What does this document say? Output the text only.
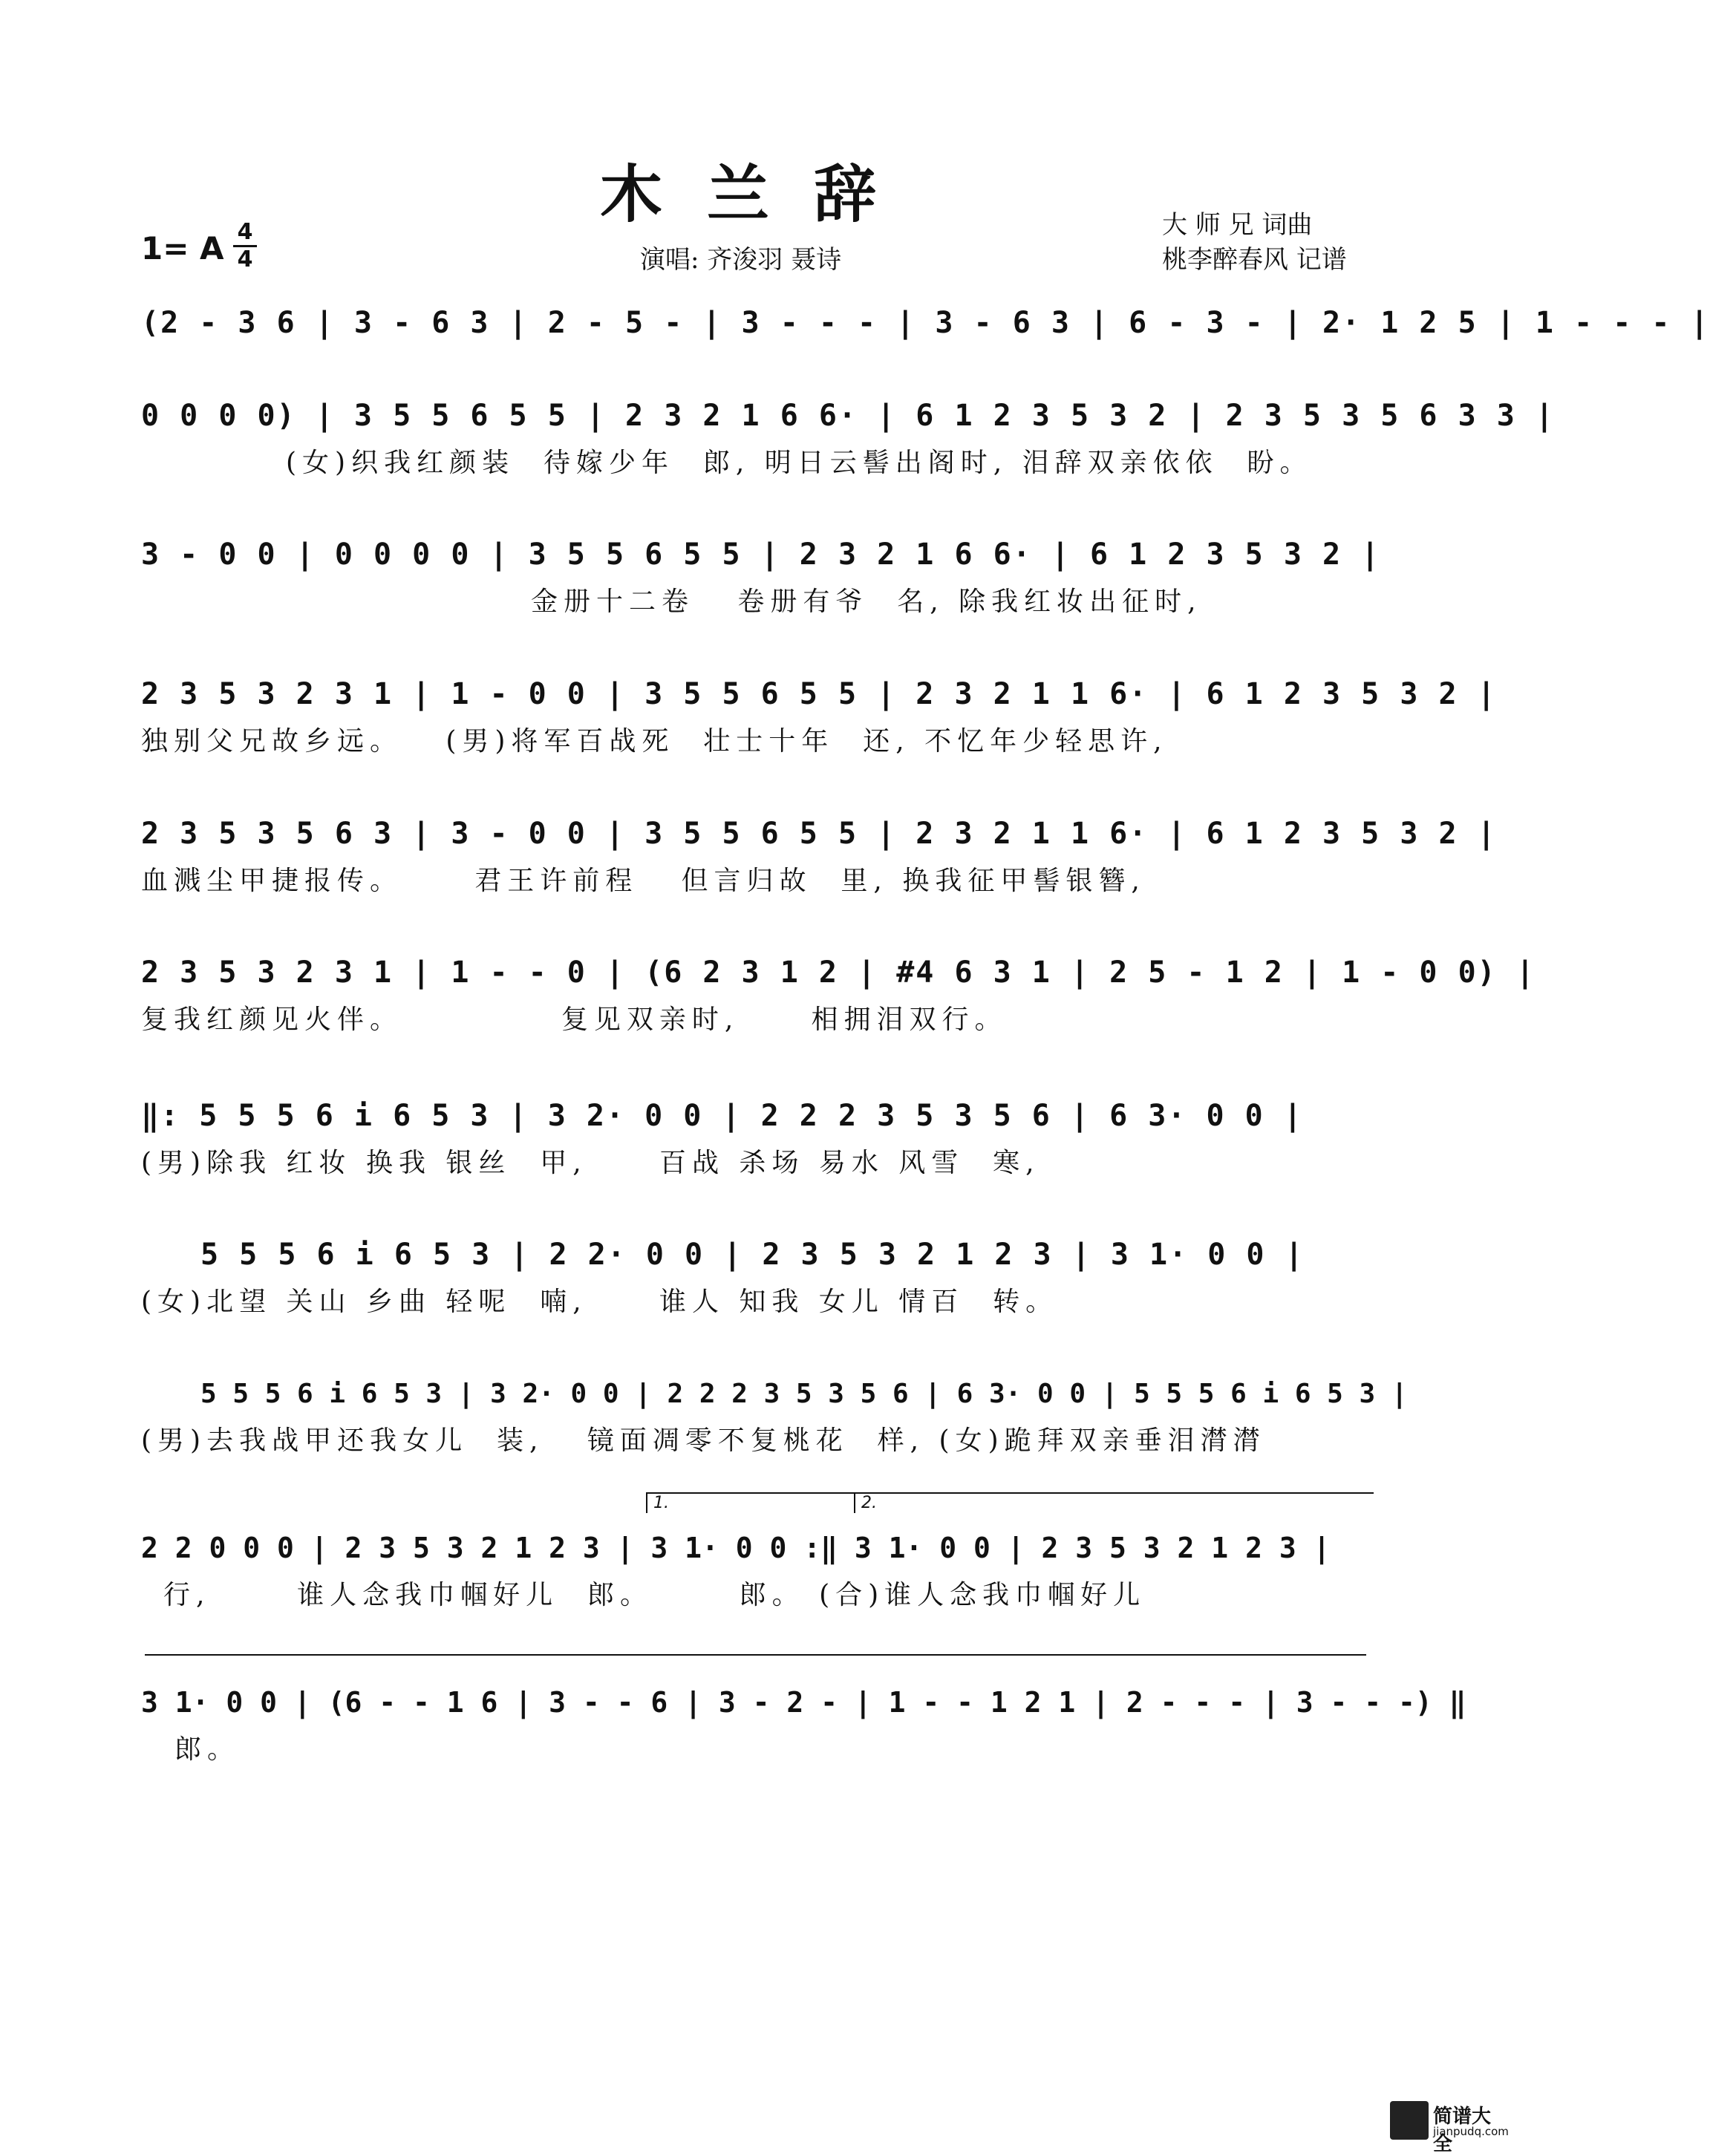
木兰辞	大 师 兄 词曲
桃李醉春风 记谱
演唱: 齐浚羽 聂诗
1= A 4
4
(2 - 3 6 | 3 - 6 3 | 2 - 5 - | 3 - - - | 3 - 6 3 | 6 - 3 - | 2· 1 2 5 | 1 - - - |
0 0 0 0) | 3 5 5 6 5 5 | 2 3 2 1 6 6· | 6 1 2 3 5 3 2 | 2 3 5 3 5 6 3 3 |
(女)织我红颜装  待嫁少年  郎, 明日云髻出阁时, 泪辞双亲依依  盼。
3 - 0 0 | 0 0 0 0 | 3 5 5 6 5 5 | 2 3 2 1 6 6· | 6 1 2 3 5 3 2 |
金册十二卷   卷册有爷  名, 除我红妆出征时,
2 3 5 3 2 3 1 | 1 - 0 0 | 3 5 5 6 5 5 | 2 3 2 1 1 6· | 6 1 2 3 5 3 2 |
独别父兄故乡远。   (男)将军百战死  壮士十年  还, 不忆年少轻思许,
2 3 5 3 5 6 3 | 3 - 0 0 | 3 5 5 6 5 5 | 2 3 2 1 1 6· | 6 1 2 3 5 3 2 |
血溅尘甲捷报传。     君王许前程   但言归故  里, 换我征甲髻银簪,
2 3 5 3 2 3 1 | 1 - - 0 | (6 2 3 1 2 | #4 6 3 1 | 2 5 - 1 2 | 1 - 0 0) |
复我红颜见火伴。           复见双亲时,     相拥泪双行。
‖: 5 5 5 6 i 6 5 3 | 3 2· 0 0 | 2 2 2 3 5 3 5 6 | 6 3· 0 0 |
(男)除我 红妆 换我 银丝  甲,     百战 杀场 易水 风雪  寒,
5 5 5 6 i 6 5 3 | 2 2· 0 0 | 2 3 5 3 2 1 2 3 | 3 1· 0 0 |
(女)北望 关山 乡曲 轻呢  喃,     谁人 知我 女儿 情百  转。
5 5 5 6 i 6 5 3 | 3 2· 0 0 | 2 2 2 3 5 3 5 6 | 6 3· 0 0 | 5 5 5 6 i 6 5 3 |
(男)去我战甲还我女儿  装,   镜面凋零不复桃花  样, (女)跪拜双亲垂泪潸潸
1.	2.
2 2 0 0 0 | 2 3 5 3 2 1 2 3 | 3 1· 0 0 :‖ 3 1· 0 0 | 2 3 5 3 2 1 2 3 |
行,      谁人念我巾帼好儿  郎。      郎。 (合)谁人念我巾帼好儿
3 1· 0 0 | (6 - - 1 6 | 3 - - 6 | 3 - 2 - | 1 - - 1 2 1 | 2 - - - | 3 - - -) ‖
郎。
简谱大全
jianpudq.com
